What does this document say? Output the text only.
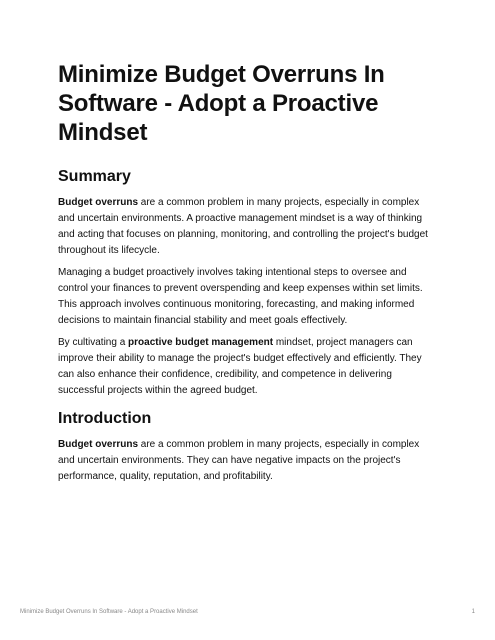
Minimize Budget Overruns In Software - Adopt a Proactive Mindset
Summary

Budget overruns are a common problem in many projects, especially in complex and uncertain environments. A proactive management mindset is a way of thinking and acting that focuses on planning, monitoring, and controlling the project's budget throughout its lifecycle.

Managing a budget proactively involves taking intentional steps to oversee and control your finances to prevent overspending and keep expenses within set limits. This approach involves continuous monitoring, forecasting, and making informed decisions to maintain financial stability and meet goals effectively.

By cultivating a proactive budget management mindset, project managers can improve their ability to manage the project's budget effectively and efficiently. They can also enhance their confidence, credibility, and competence in delivering successful projects within the agreed budget.

Introduction

Budget overruns are a common problem in many projects, especially in complex and uncertain environments. They can have negative impacts on the project's performance, quality, reputation, and profitability.

Minimize Budget Overruns In Software - Adopt a Proactive Mindset	1
